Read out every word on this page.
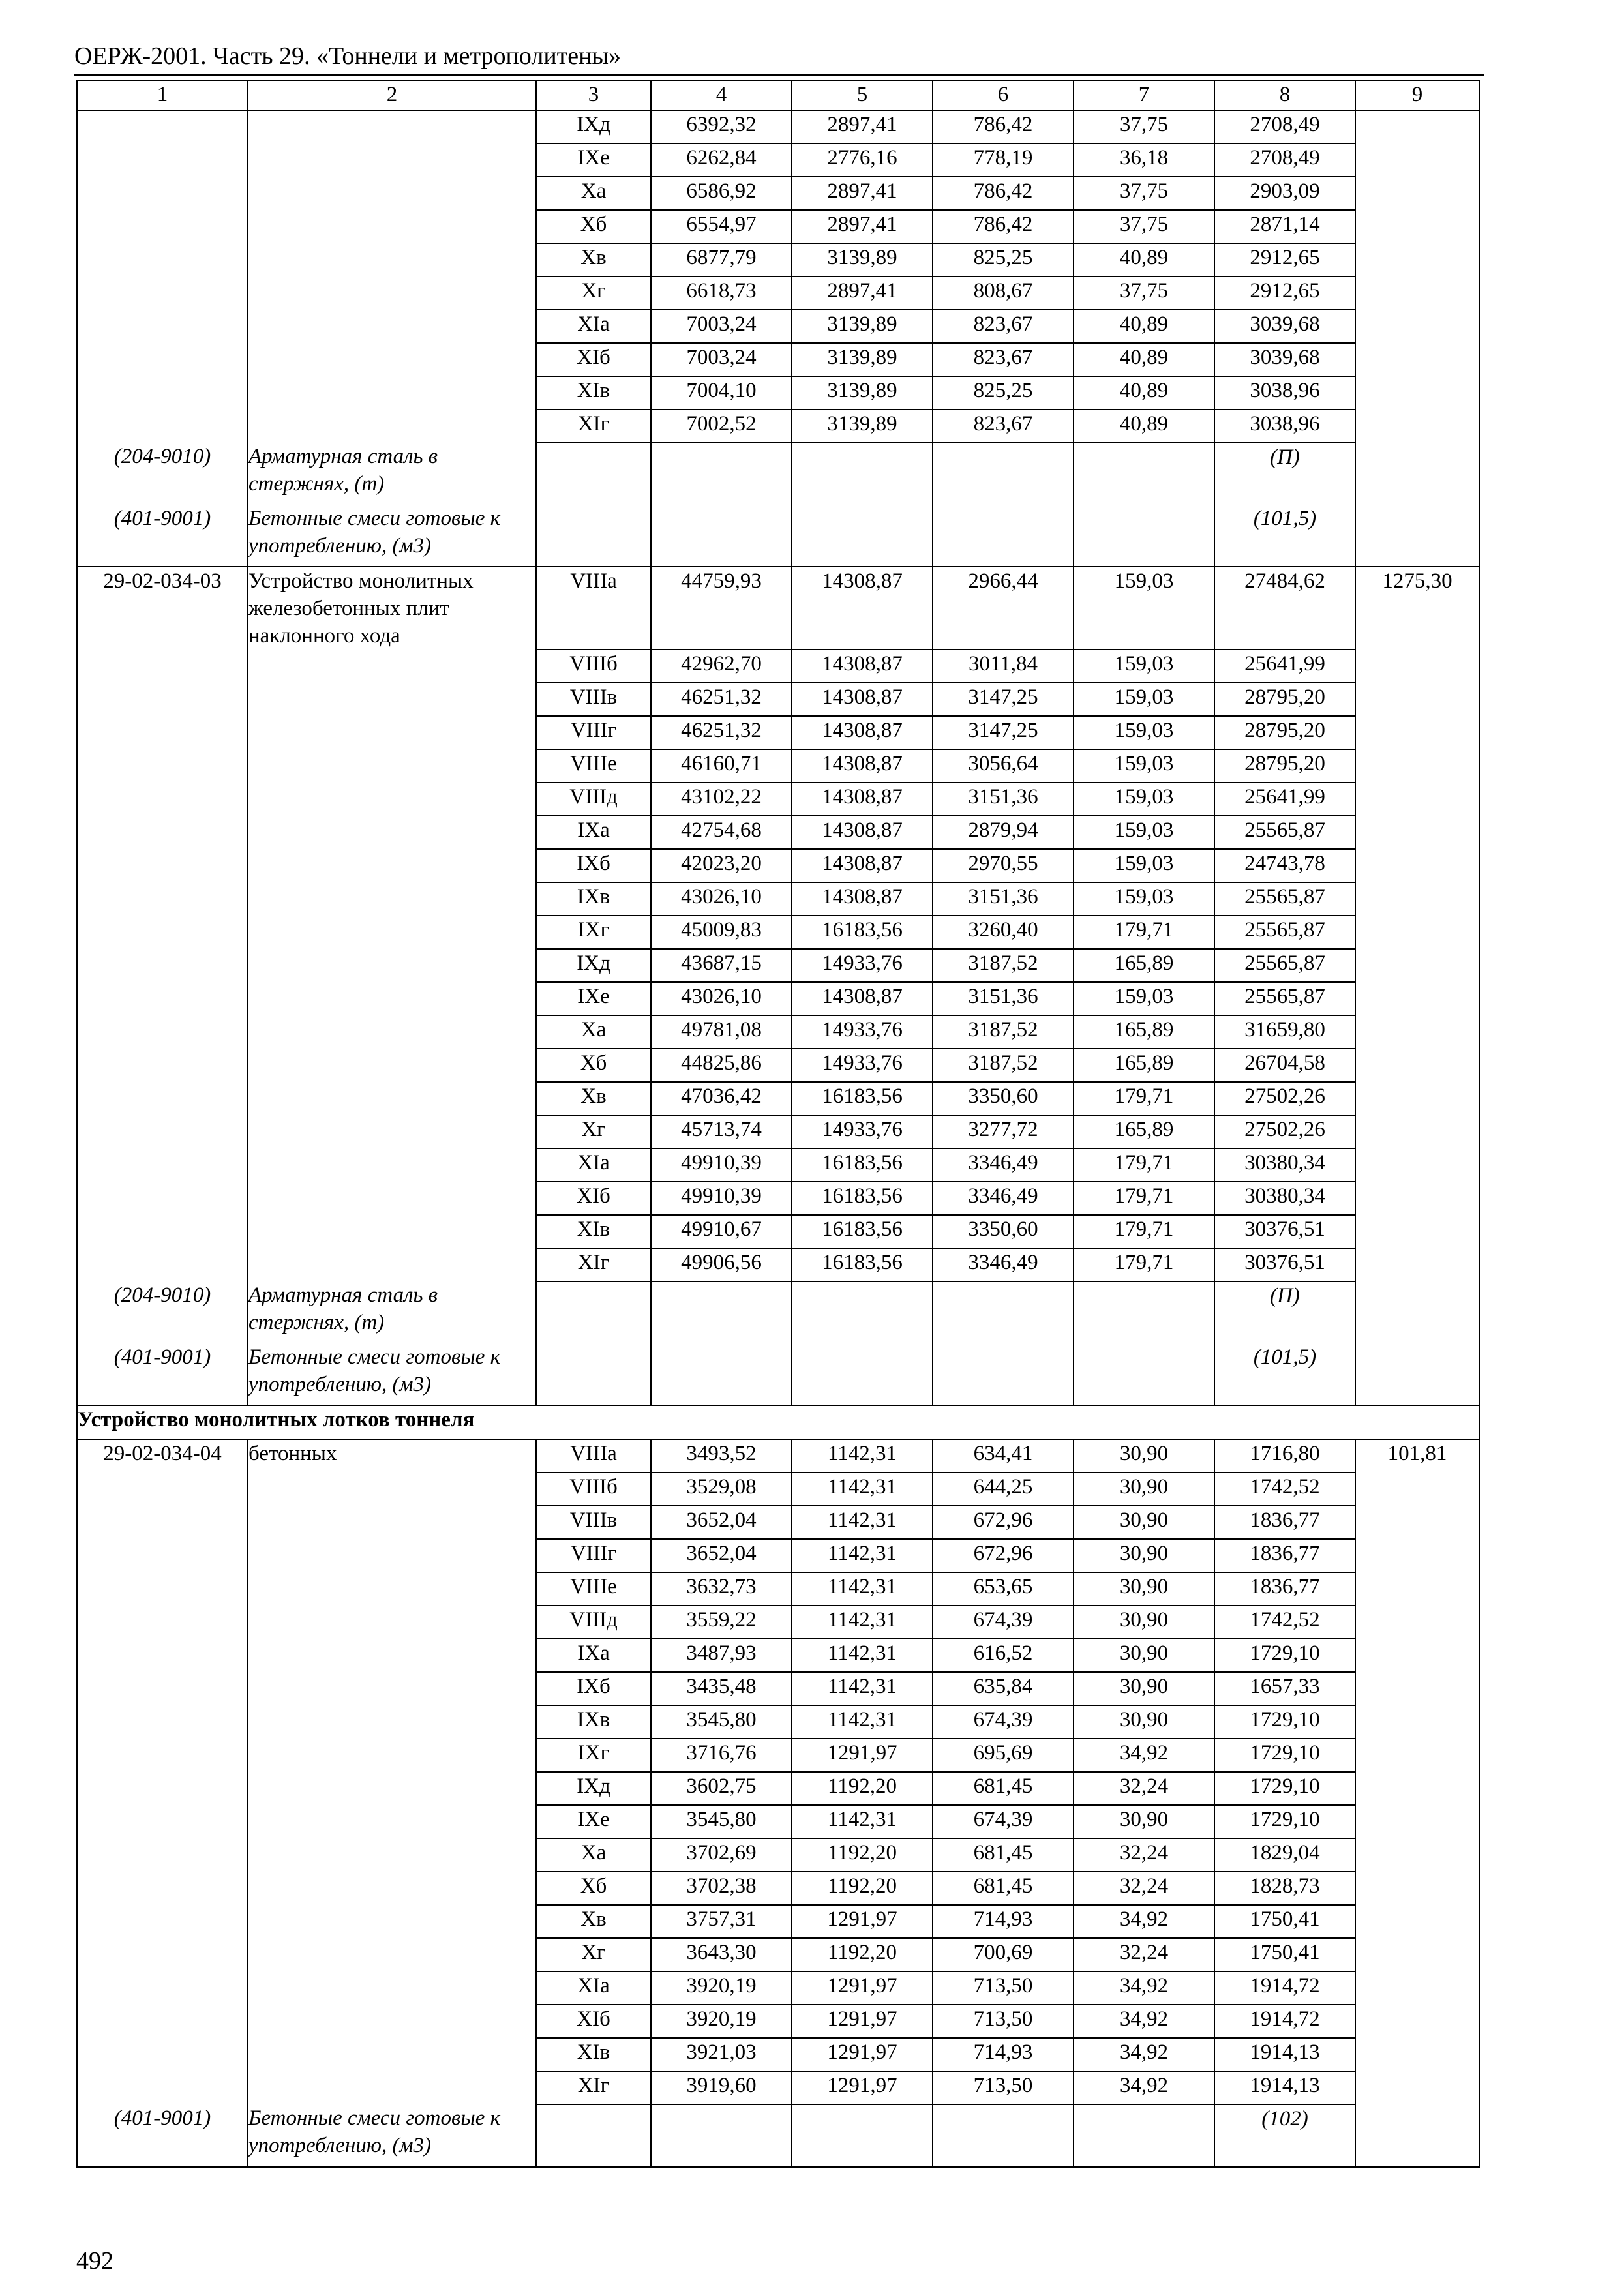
ОЕРЖ-2001. Часть 29. «Тоннели и метрополитены»
1	2	3	4	5	6	7	8	9
		IXд	6392,32	2897,41	786,42	37,75	2708,49	
		IXе	6262,84	2776,16	778,19	36,18	2708,49	
		Xа	6586,92	2897,41	786,42	37,75	2903,09	
		Xб	6554,97	2897,41	786,42	37,75	2871,14	
		Xв	6877,79	3139,89	825,25	40,89	2912,65	
		Xг	6618,73	2897,41	808,67	37,75	2912,65	
		XIа	7003,24	3139,89	823,67	40,89	3039,68	
		XIб	7003,24	3139,89	823,67	40,89	3039,68	
		XIв	7004,10	3139,89	825,25	40,89	3038,96	
		XIг	7002,52	3139,89	823,67	40,89	3038,96	
(204-9010)	Арматурная сталь в стержнях, (т)						(П)	
(401-9001)	Бетонные смеси готовые к употреблению, (м3)						(101,5)	
29-02-034-03	Устройство монолитных железобетонных плит наклонного хода	VIIIа	44759,93	14308,87	2966,44	159,03	27484,62	1275,30
		VIIIб	42962,70	14308,87	3011,84	159,03	25641,99	
		VIIIв	46251,32	14308,87	3147,25	159,03	28795,20	
		VIIIг	46251,32	14308,87	3147,25	159,03	28795,20	
		VIIIе	46160,71	14308,87	3056,64	159,03	28795,20	
		VIIIд	43102,22	14308,87	3151,36	159,03	25641,99	
		IXа	42754,68	14308,87	2879,94	159,03	25565,87	
		IXб	42023,20	14308,87	2970,55	159,03	24743,78	
		IXв	43026,10	14308,87	3151,36	159,03	25565,87	
		IXг	45009,83	16183,56	3260,40	179,71	25565,87	
		IXд	43687,15	14933,76	3187,52	165,89	25565,87	
		IXе	43026,10	14308,87	3151,36	159,03	25565,87	
		Xа	49781,08	14933,76	3187,52	165,89	31659,80	
		Xб	44825,86	14933,76	3187,52	165,89	26704,58	
		Xв	47036,42	16183,56	3350,60	179,71	27502,26	
		Xг	45713,74	14933,76	3277,72	165,89	27502,26	
		XIа	49910,39	16183,56	3346,49	179,71	30380,34	
		XIб	49910,39	16183,56	3346,49	179,71	30380,34	
		XIв	49910,67	16183,56	3350,60	179,71	30376,51	
		XIг	49906,56	16183,56	3346,49	179,71	30376,51	
(204-9010)	Арматурная сталь в стержнях, (т)						(П)	
(401-9001)	Бетонные смеси готовые к употреблению, (м3)						(101,5)	
Устройство монолитных лотков тоннеля								
29-02-034-04	бетонных	VIIIа	3493,52	1142,31	634,41	30,90	1716,80	101,81
		VIIIб	3529,08	1142,31	644,25	30,90	1742,52	
		VIIIв	3652,04	1142,31	672,96	30,90	1836,77	
		VIIIг	3652,04	1142,31	672,96	30,90	1836,77	
		VIIIе	3632,73	1142,31	653,65	30,90	1836,77	
		VIIIд	3559,22	1142,31	674,39	30,90	1742,52	
		IXа	3487,93	1142,31	616,52	30,90	1729,10	
		IXб	3435,48	1142,31	635,84	30,90	1657,33	
		IXв	3545,80	1142,31	674,39	30,90	1729,10	
		IXг	3716,76	1291,97	695,69	34,92	1729,10	
		IXд	3602,75	1192,20	681,45	32,24	1729,10	
		IXе	3545,80	1142,31	674,39	30,90	1729,10	
		Xа	3702,69	1192,20	681,45	32,24	1829,04	
		Xб	3702,38	1192,20	681,45	32,24	1828,73	
		Xв	3757,31	1291,97	714,93	34,92	1750,41	
		Xг	3643,30	1192,20	700,69	32,24	1750,41	
		XIа	3920,19	1291,97	713,50	34,92	1914,72	
		XIб	3920,19	1291,97	713,50	34,92	1914,72	
		XIв	3921,03	1291,97	714,93	34,92	1914,13	
		XIг	3919,60	1291,97	713,50	34,92	1914,13	
(401-9001)	Бетонные смеси готовые к употреблению, (м3)						(102)	
492
